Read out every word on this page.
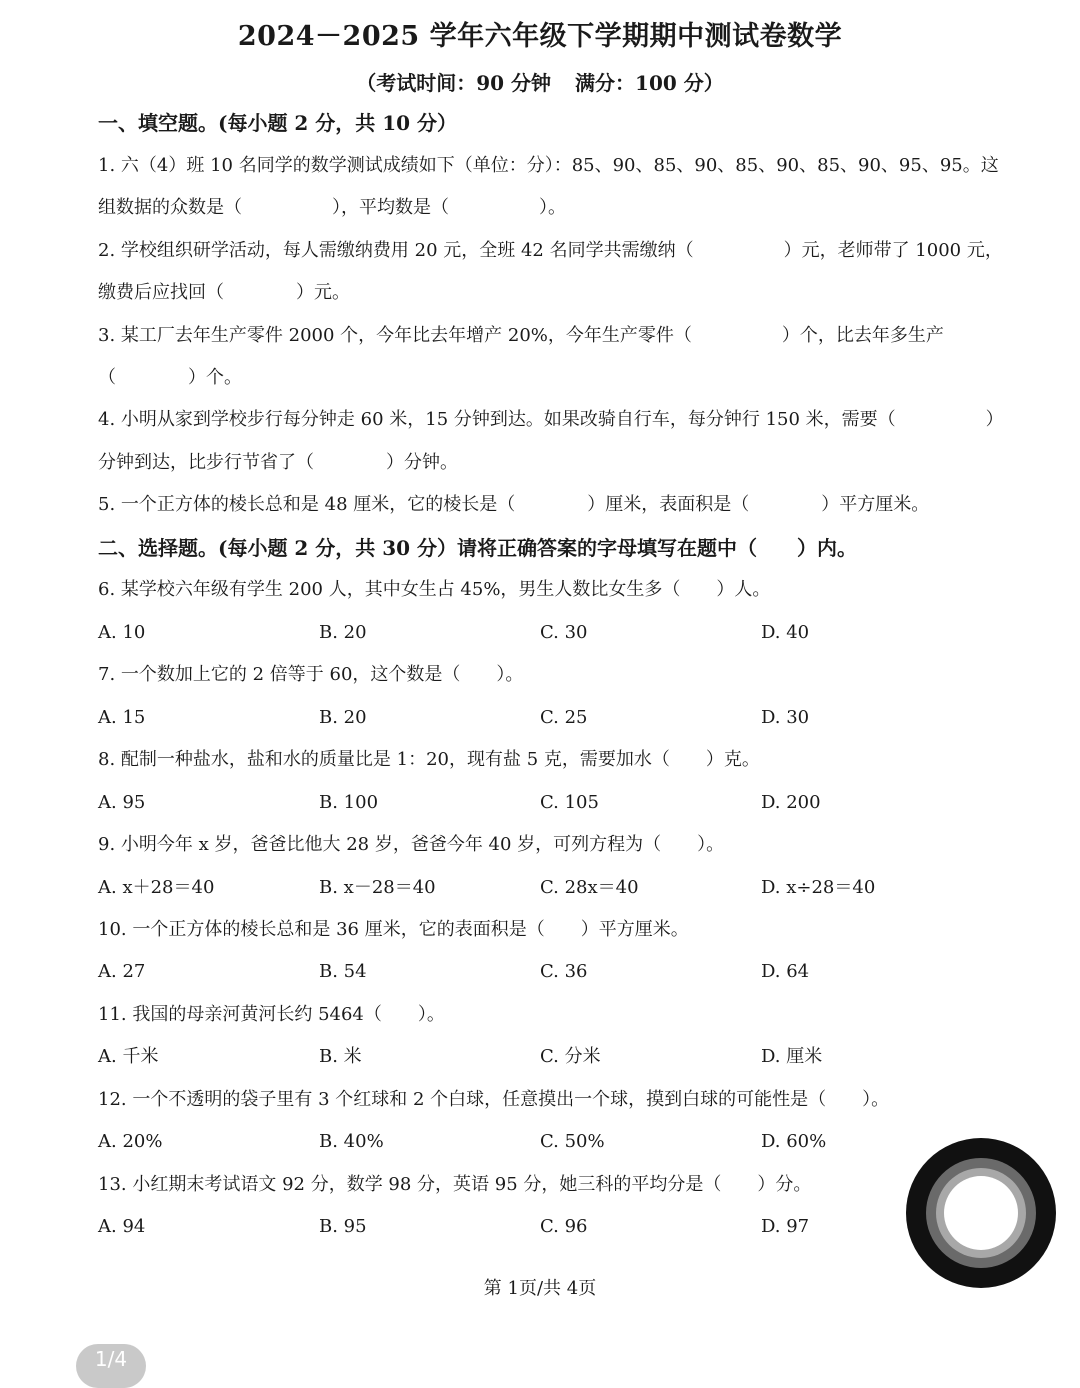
2024－2025 学年六年级下学期期中测试卷数学
（考试时间：90 分钟 满分：100 分）
一、填空题。(每小题 2 分，共 10 分）
1. 六（4）班 10 名同学的数学测试成绩如下（单位：分）：85、90、85、90、85、90、85、90、95、95。这
组数据的众数是（　　　　　），平均数是（　　　　　）。
2. 学校组织研学活动，每人需缴纳费用 20 元，全班 42 名同学共需缴纳（　　　　　）元，老师带了 1000 元，
缴费后应找回（　　　　）元。
3. 某工厂去年生产零件 2000 个，今年比去年增产 20%，今年生产零件（　　　　　）个，比去年多生产
（　　　　）个。
4. 小明从家到学校步行每分钟走 60 米，15 分钟到达。如果改骑自行车，每分钟行 150 米，需要（　　　　　）
分钟到达，比步行节省了（　　　　）分钟。
5. 一个正方体的棱长总和是 48 厘米，它的棱长是（　　　　）厘米，表面积是（　　　　）平方厘米。
二、选择题。(每小题 2 分，共 30 分）请将正确答案的字母填写在题中（　　）内。
6. 某学校六年级有学生 200 人，其中女生占 45%，男生人数比女生多（　　）人。
A. 10	B. 20	C. 30	D. 40
7. 一个数加上它的 2 倍等于 60，这个数是（　　）。
A. 15	B. 20	C. 25	D. 30
8. 配制一种盐水，盐和水的质量比是 1：20，现有盐 5 克，需要加水（　　）克。
A. 95	B. 100	C. 105	D. 200
9. 小明今年 x 岁，爸爸比他大 28 岁，爸爸今年 40 岁，可列方程为（　　）。
A. x＋28＝40	B. x－28＝40	C. 28x＝40	D. x÷28＝40
10. 一个正方体的棱长总和是 36 厘米，它的表面积是（　　）平方厘米。
A. 27	B. 54	C. 36	D. 64
11. 我国的母亲河黄河长约 5464（　　）。
A. 千米	B. 米	C. 分米	D. 厘米
12. 一个不透明的袋子里有 3 个红球和 2 个白球，任意摸出一个球，摸到白球的可能性是（　　）。
A. 20%	B. 40%	C. 50%	D. 60%
13. 小红期末考试语文 92 分，数学 98 分，英语 95 分，她三科的平均分是（　　）分。
A. 94	B. 95	C. 96	D. 97
第 1页/共 4页
1/4
